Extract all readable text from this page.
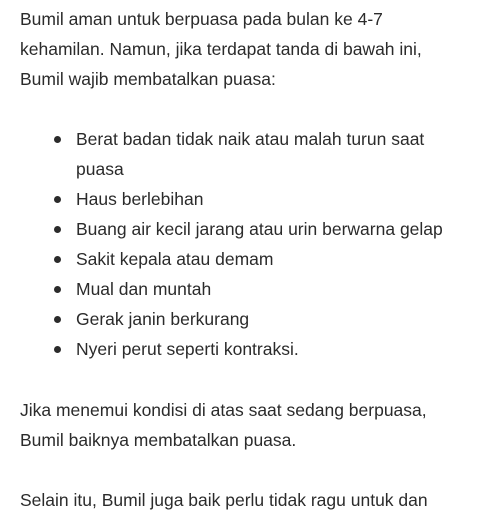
Bumil aman untuk berpuasa pada bulan ke 4-7
kehamilan. Namun, jika terdapat tanda di bawah ini,
Bumil wajib membatalkan puasa:

Berat badan tidak naik atau malah turun saat
puasa
Haus berlebihan
Buang air kecil jarang atau urin berwarna gelap
Sakit kepala atau demam
Mual dan muntah
Gerak janin berkurang
Nyeri perut seperti kontraksi.

Jika menemui kondisi di atas saat sedang berpuasa,
Bumil baiknya membatalkan puasa.

Selain itu, Bumil juga baik perlu tidak ragu untuk dan
